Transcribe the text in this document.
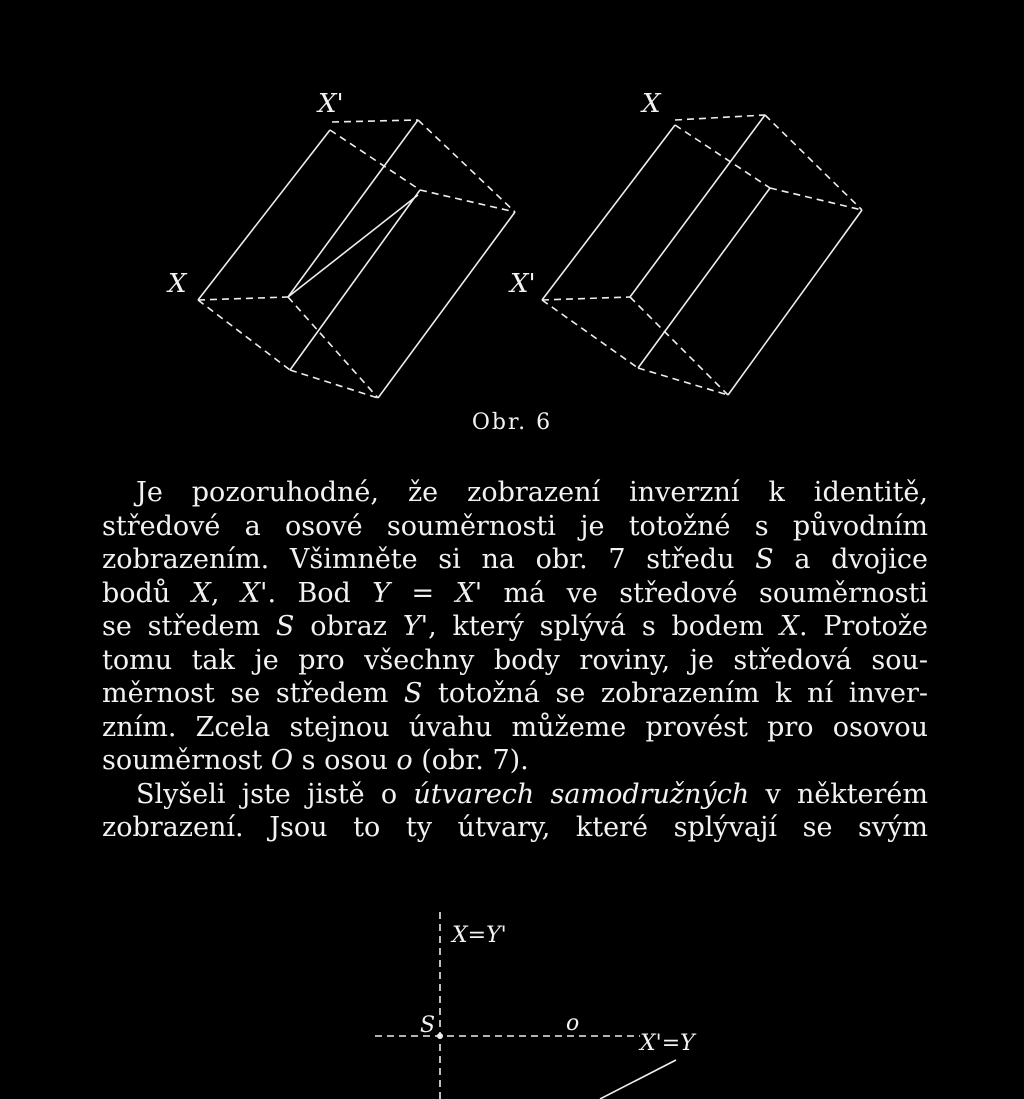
X'
X
X
X'
X=Y'
S	o
X'=Y
Obr. 6
Je pozoruhodné, že zobrazení inverzní k identitě,
středové a osové souměrnosti je totožné s původním
zobrazením. Všimněte si na obr. 7 středu S a dvojice
bodů X, X'. Bod Y = X' má ve středové souměrnosti
se středem S obraz Y', který splývá s bodem X. Protože
tomu tak je pro všechny body roviny, je středová sou-
měrnost se středem S totožná se zobrazením k ní inver-
zním. Zcela stejnou úvahu můžeme provést pro osovou
souměrnost O s osou o (obr. 7).
Slyšeli jste jistě o útvarech samodružných v některém
zobrazení. Jsou to ty útvary, které splývají se svým
